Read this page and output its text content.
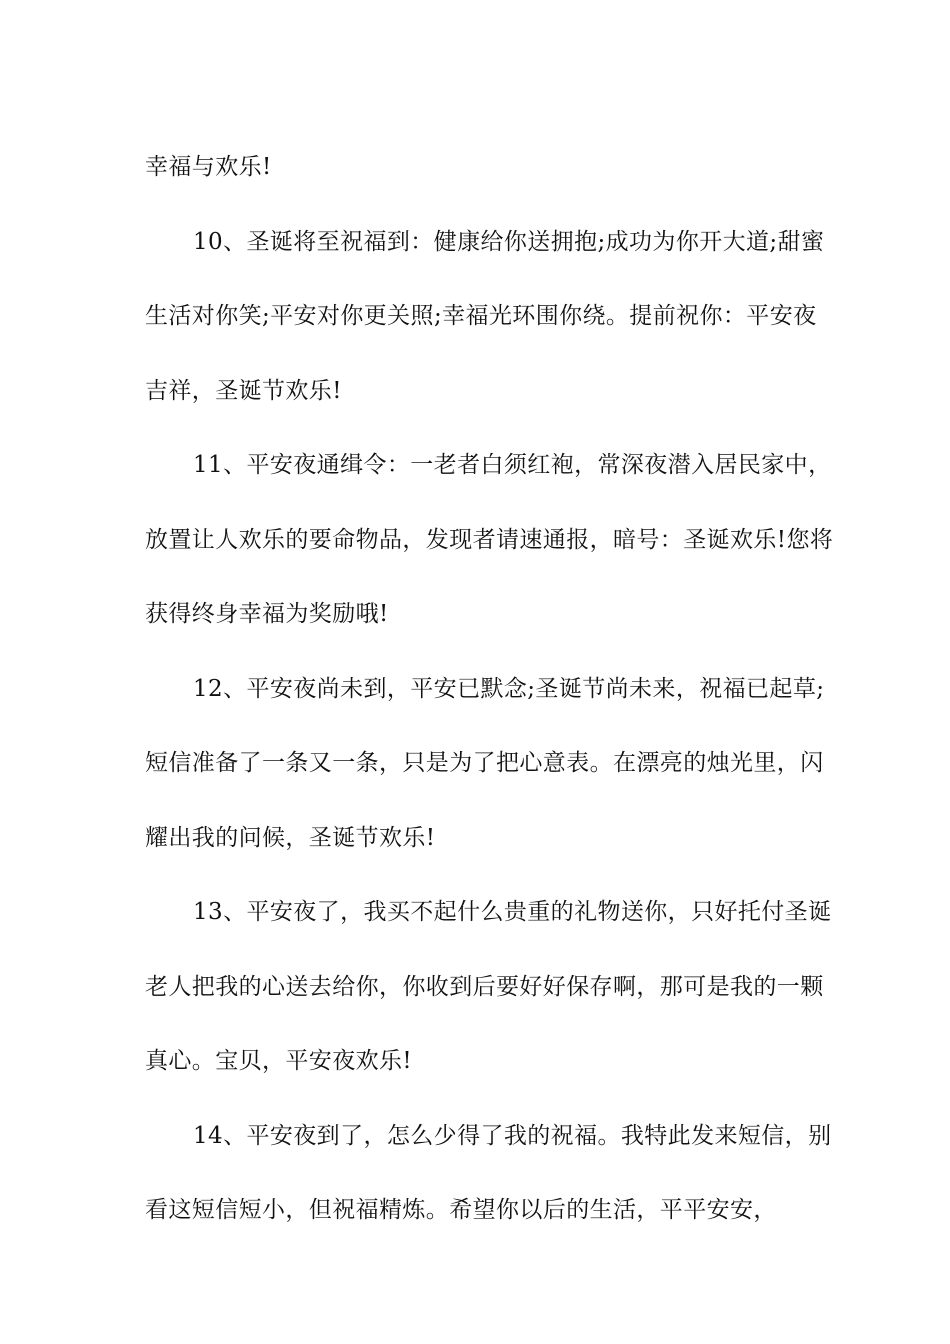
幸福与欢乐!

10、圣诞将至祝福到：健康给你送拥抱;成功为你开大道;甜蜜生活对你笑;平安对你更关照;幸福光环围你绕。提前祝你：平安夜吉祥，圣诞节欢乐!

11、平安夜通缉令：一老者白须红袍，常深夜潜入居民家中，放置让人欢乐的要命物品，发现者请速通报，暗号：圣诞欢乐!您将获得终身幸福为奖励哦!

12、平安夜尚未到，平安已默念;圣诞节尚未来，祝福已起草;短信准备了一条又一条，只是为了把心意表。在漂亮的烛光里，闪耀出我的问候，圣诞节欢乐!

13、平安夜了，我买不起什么贵重的礼物送你，只好托付圣诞老人把我的心送去给你，你收到后要好好保存啊，那可是我的一颗真心。宝贝，平安夜欢乐!

14、平安夜到了，怎么少得了我的祝福。我特此发来短信，别看这短信短小，但祝福精炼。希望你以后的生活，平平安安，
